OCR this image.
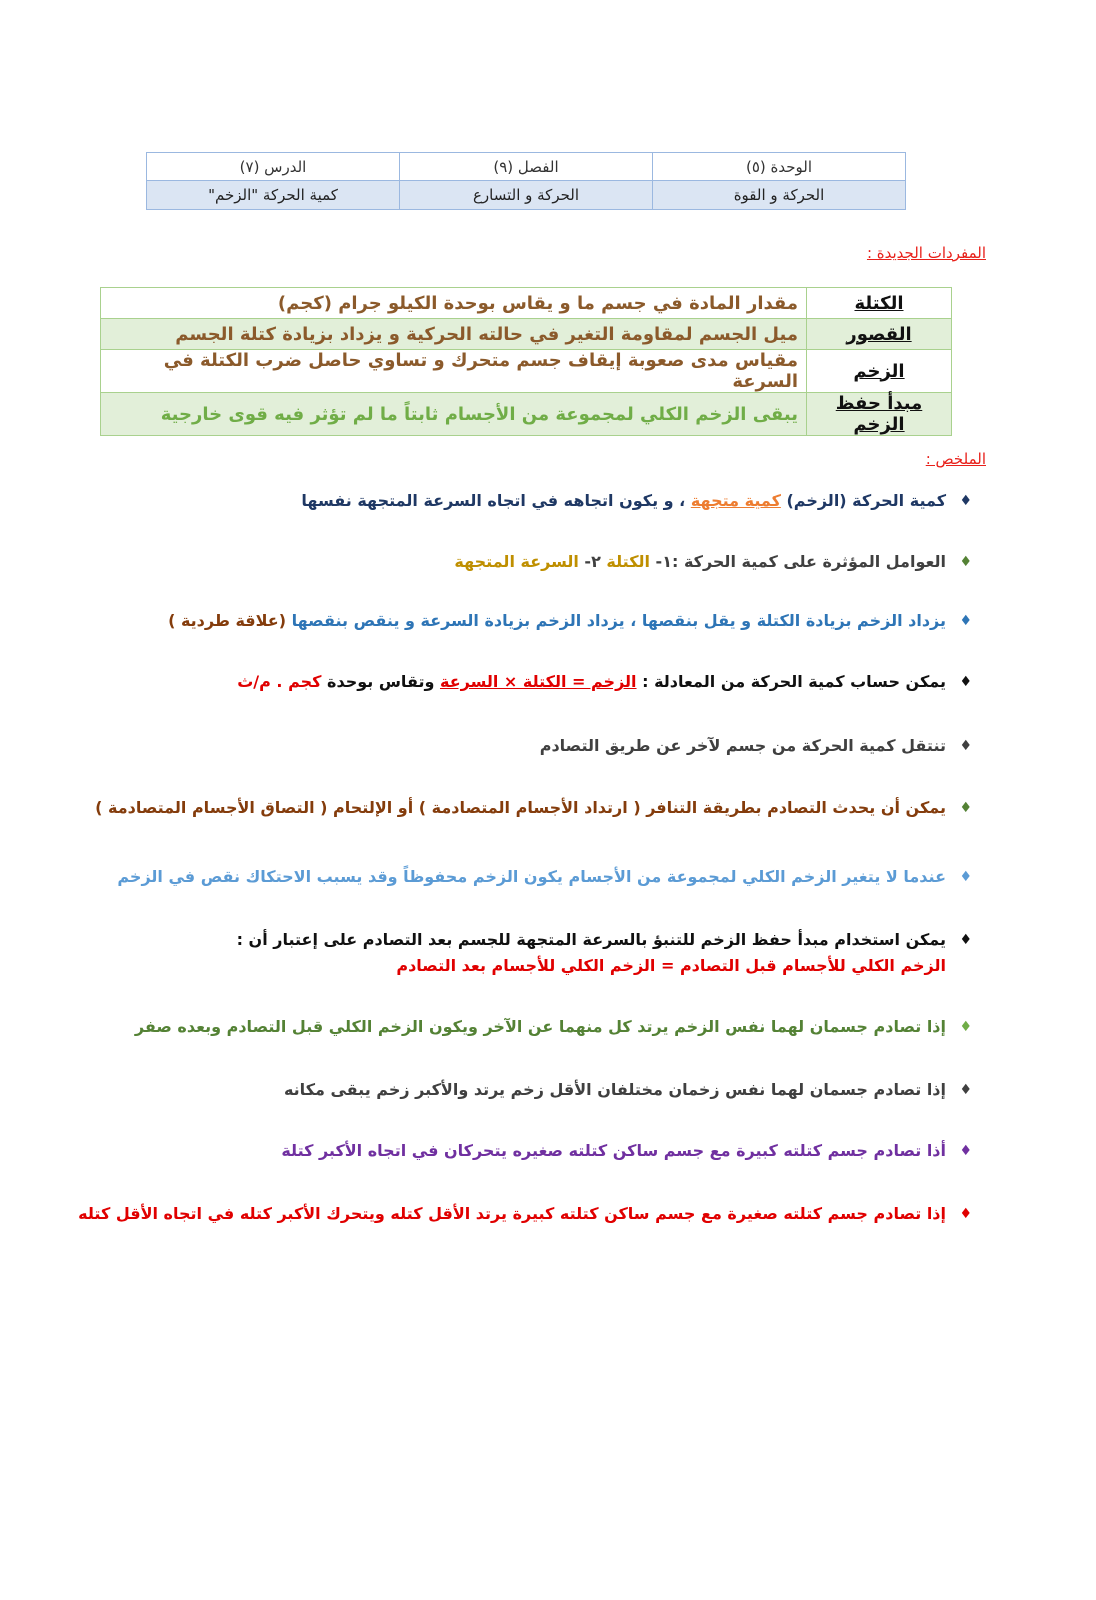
الوحدة (٥)	الفصل (٩)	الدرس (٧)
الحركة و القوة	الحركة و التسارع	كمية الحركة "الزخم"
المفردات الجديدة :
الكتلة	مقدار المادة في جسم ما و يقاس بوحدة الكيلو جرام (كجم)
القصور	ميل الجسم لمقاومة التغير في حالته الحركية و يزداد بزيادة كتلة الجسم
الزخم	مقياس مدى صعوبة إيقاف جسم متحرك و تساوي حاصل ضرب الكتلة في السرعة
مبدأ حفظ الزخم	يبقى الزخم الكلي لمجموعة من الأجسام ثابتاً ما لم تؤثر فيه قوى خارجية
الملخص :
♦
كمية الحركة (الزخم) كمية متجهة ، و يكون اتجاهه في اتجاه السرعة المتجهة نفسها
♦
العوامل المؤثرة على كمية الحركة :١- الكتلة ٢- السرعة المتجهة
♦
يزداد الزخم بزيادة الكتلة و يقل بنقصها ، يزداد الزخم بزيادة السرعة و ينقص بنقصها (علاقة طردية )
♦
يمكن حساب كمية الحركة من المعادلة : الزخم = الكتلة × السرعة وتقاس بوحدة كجم . م/ث
♦
تنتقل كمية الحركة من جسم لآخر عن طريق التصادم
♦
يمكن أن يحدث التصادم بطريقة التنافر ( ارتداد الأجسام المتصادمة ) أو الإلتحام ( التصاق الأجسام المتصادمة )
♦
عندما لا يتغير الزخم الكلي لمجموعة من الأجسام يكون الزخم محفوظاً وقد يسبب الاحتكاك نقص في الزخم
♦
يمكن استخدام مبدأ حفظ الزخم للتنبؤ بالسرعة المتجهة للجسم بعد التصادم على إعتبار أن :
الزخم الكلي للأجسام قبل التصادم = الزخم الكلي للأجسام بعد التصادم
♦
إذا تصادم جسمان لهما نفس الزخم يرتد كل منهما عن الآخر ويكون الزخم الكلي قبل التصادم وبعده صفر
♦
إذا تصادم جسمان لهما نفس زخمان مختلفان الأقل زخم يرتد والأكبر زخم يبقى مكانه
♦
أذا تصادم جسم كتلته كبيرة مع جسم ساكن كتلته صغيره يتحركان في اتجاه الأكبر كتلة
♦
إذا تصادم جسم كتلته صغيرة مع جسم ساكن كتلته كبيرة يرتد الأقل كتله ويتحرك الأكبر كتله في اتجاه الأقل كتله
